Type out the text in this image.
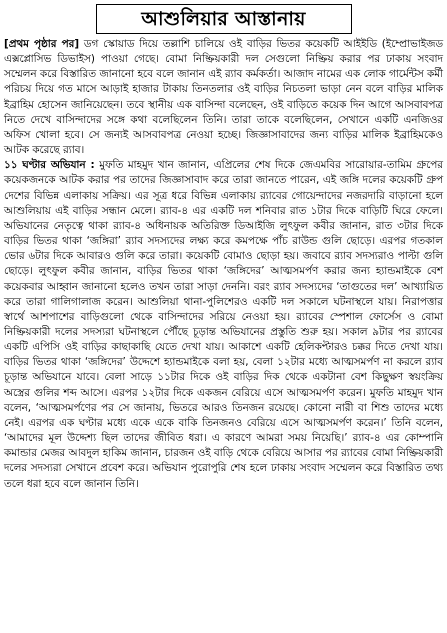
আশুলিয়ার আস্তানায়

[প্রথম পৃষ্ঠার পর] ডগ স্কোয়াড দিয়ে তল্লাশি চালিয়ে ওই বাড়ির ভিতর কয়েকটি আইইডি (ইম্প্রোভাইজড এক্সপ্লোসিভ ডিভাইস) পাওয়া গেছে। বোমা নিষ্ক্রিয়কারী দল সেগুলো নিষ্ক্রিয় করার পর ঢাকায় সংবাদ সম্মেলন করে বিস্তারিত জানানো হবে বলে জানান এই র‌্যাব কর্মকর্তা। আজাদ নামের এক লোক গার্মেন্টস কর্মী পরিচয় দিয়ে গত মাসে আড়াই হাজার টাকায় তিনতলার ওই বাড়ির নিচতলা ভাড়া নেন বলে বাড়ির মালিক ইব্রাহিম হোসেন জানিয়েছেন। তবে স্থানীয় এক বাসিন্দা বলেছেন, ওই বাড়িতে কয়েক দিন আগে আসবাবপত্র নিতে দেখে বাসিন্দাদের সঙ্গে কথা বলেছিলেন তিনি। তারা তাকে বলেছিলেন, সেখানে একটি এনজিওর অফিস খোলা হবে। সে জন্যই আসবাবপত্র নেওয়া হচ্ছে। জিজ্ঞাসাবাদের জন্য বাড়ির মালিক ইব্রাহিমকেও আটক করেছে র‌্যাব।

১১ ঘণ্টার অভিযান : মুফতি মাহমুদ খান জানান, এপ্রিলের শেষ দিকে জেএমবির সারোয়ার-তামিম গ্রুপের কয়েকজনকে আটক করার পর তাদের জিজ্ঞাসাবাদ করে তারা জানতে পারেন, এই জঙ্গি দলের কয়েকটি গ্রুপ দেশের বিভিন্ন এলাকায় সক্রিয়। এর সূত্র ধরে বিভিন্ন এলাকায় র‌্যাবের গোয়েন্দাদের নজরদারি বাড়ানো হলে আশুলিয়ায় এই বাড়ির সন্ধান মেলে। র‌্যাব-৪ এর একটি দল শনিবার রাত ১টার দিকে বাড়িটি ঘিরে ফেলে। অভিযানের নেতৃত্বে থাকা র‌্যাব-৪ অধিনায়ক অতিরিক্ত ডিআইজি লুৎফুল কবীর জানান, রাত ৩টার দিকে বাড়ির ভিতর থাকা ‘জঙ্গিরা’ র‌্যাব সদস্যদের লক্ষ্য করে কমপক্ষে পাঁচ রাউন্ড গুলি ছোড়ে। এরপর গতকাল ভোর ৬টার দিকে আবারও গুলি করে তারা। কয়েকটি বোমাও ছোড়া হয়। জবাবে র‌্যাব সদস্যরাও পাল্টা গুলি ছোড়ে। লুৎফুল কবীর জানান, বাড়ির ভিতর থাকা ‘জঙ্গিদের’ আত্মসমর্পণ করার জন্য হ্যান্ডমাইকে বেশ কয়েকবার আহ্বান জানানো হলেও তখন তারা সাড়া দেননি। বরং র‌্যাব সদস্যদের ‘তাগুতের দল’ আখ্যায়িত করে তারা গালিগালাজ করেন। আশুলিয়া থানা-পুলিশেরও একটি দল সকালে ঘটনাস্থলে যায়। নিরাপত্তার স্বার্থে আশপাশের বাড়িগুলো থেকে বাসিন্দাদের সরিয়ে নেওয়া হয়। র‌্যাবের স্পেশাল ফোর্সেস ও বোমা নিষ্ক্রিয়কারী দলের সদস্যরা ঘটনাস্থলে পৌঁছে চূড়ান্ত অভিযানের প্রস্তুতি শুরু হয়। সকাল ৯টার পর র‌্যাবের একটি এপিসি ওই বাড়ির কাছাকাছি যেতে দেখা যায়। আকাশে একটি হেলিকপ্টারও চক্কর দিতে দেখা যায়। বাড়ির ভিতর থাকা ‘জঙ্গিদের’ উদ্দেশে হ্যান্ডমাইকে বলা হয়, বেলা ১২টার মধ্যে আত্মসমর্পণ না করলে র‌্যাব চূড়ান্ত অভিযানে যাবে। বেলা সাড়ে ১১টার দিকে ওই বাড়ির দিক থেকে একটানা বেশ কিছুক্ষণ স্বয়ংক্রিয় অস্ত্রের গুলির শব্দ আসে। এরপর ১২টার দিকে একজন বেরিয়ে এসে আত্মসমর্পণ করেন। মুফতি মাহমুদ খান বলেন, ‘আত্মসমর্পণের পর সে জানায়, ভিতরে আরও তিনজন রয়েছে। কোনো নারী বা শিশু তাদের মধ্যে নেই। এরপর এক ঘণ্টার মধ্যে একে একে বাকি তিনজনও বেরিয়ে এসে আত্মসমর্পণ করেন।’ তিনি বলেন, ‘আমাদের মূল উদ্দেশ্য ছিল তাদের জীবিত ধরা। এ কারণে আমরা সময় নিয়েছি।’ র‌্যাব-৪ এর কোম্পানি কমান্ডার মেজর আবদুল হাকিম জানান, চারজন ওই বাড়ি থেকে বেরিয়ে আসার পর র‌্যাবের বোমা নিষ্ক্রিয়কারী দলের সদস্যরা সেখানে প্রবেশ করে। অভিযান পুরোপুরি শেষ হলে ঢাকায় সংবাদ সম্মেলন করে বিস্তারিত তথ্য তলে ধরা হবে বলে জানান তিনি।
